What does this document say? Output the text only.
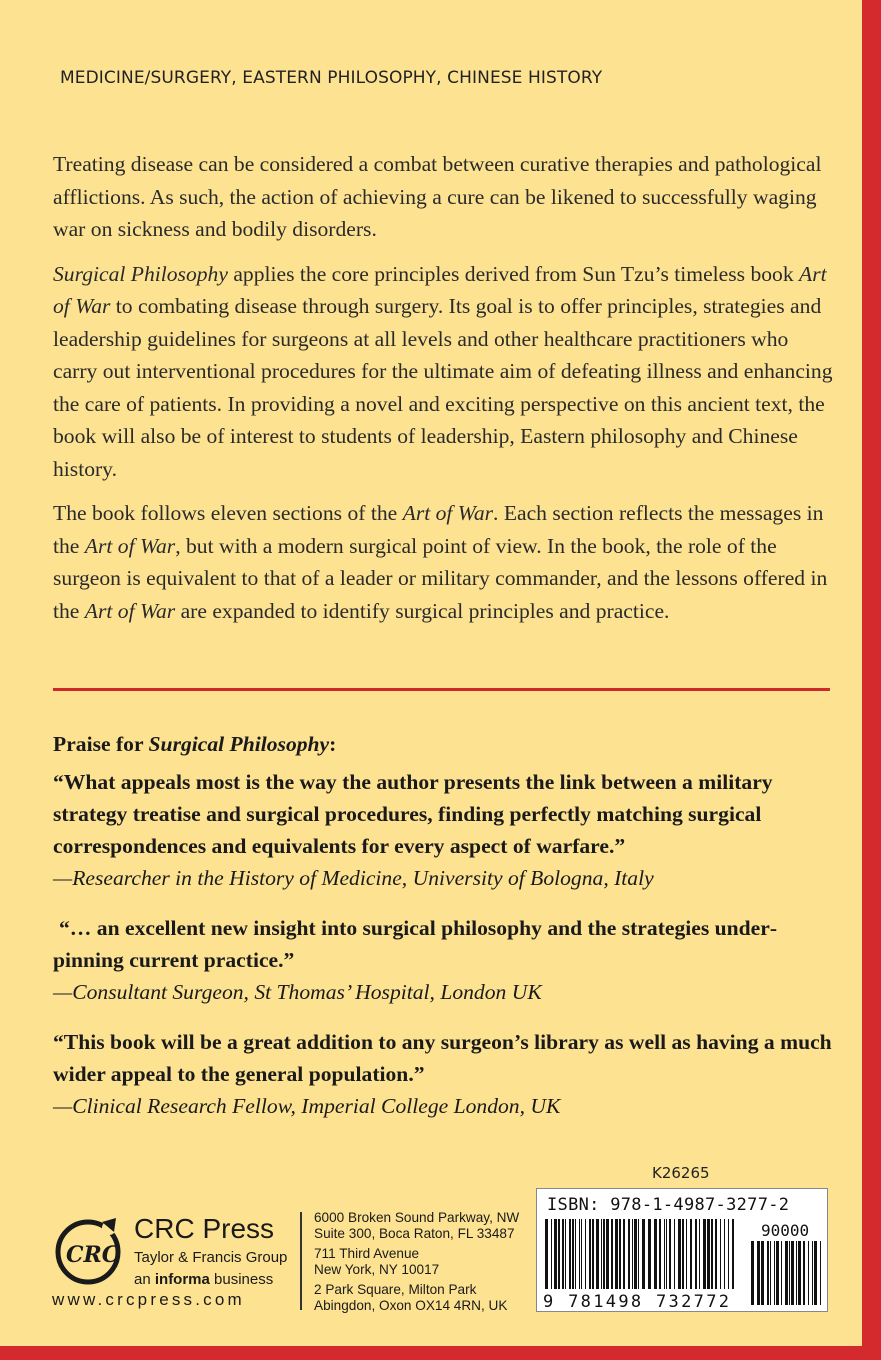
MEDICINE/SURGERY, EASTERN PHILOSOPHY, CHINESE HISTORY

Treating disease can be considered a combat between curative therapies and pathological afflictions. As such, the action of achieving a cure can be likened to successfully waging war on sickness and bodily disorders.

Surgical Philosophy applies the core principles derived from Sun Tzu’s timeless book Art of War to combating disease through surgery. Its goal is to offer principles, strategies and leadership guidelines for surgeons at all levels and other healthcare practitioners who carry out interventional procedures for the ultimate aim of defeating illness and enhancing the care of patients. In providing a novel and exciting perspective on this ancient text, the book will also be of interest to students of leadership, Eastern philosophy and Chinese history.

The book follows eleven sections of the Art of War. Each section reflects the messages in the Art of War, but with a modern surgical point of view. In the book, the role of the surgeon is equivalent to that of a leader or military commander, and the lessons offered in the Art of War are expanded to identify surgical principles and practice.

Praise for Surgical Philosophy:
“What appeals most is the way the author presents the link between a military strategy treatise and surgical procedures, finding perfectly matching surgical correspondences and equivalents for every aspect of warfare.”
—Researcher in the History of Medicine, University of Bologna, Italy
“… an excellent new insight into surgical philosophy and the strategies underpinning current practice.”
—Consultant Surgeon, St Thomas’ Hospital, London UK
“This book will be a great addition to any surgeon’s library as well as having a much wider appeal to the general population.”
—Clinical Research Fellow, Imperial College London, UK
K26265
ISBN: 978-1-4987-3277-2
90000
9 781498 732772
CRC
CRC Press
Taylor & Francis Group
an informa business
www.crcpress.com
6000 Broken Sound Parkway, NW
Suite 300, Boca Raton, FL 33487
711 Third Avenue
New York, NY 10017
2 Park Square, Milton Park
Abingdon, Oxon OX14 4RN, UK
